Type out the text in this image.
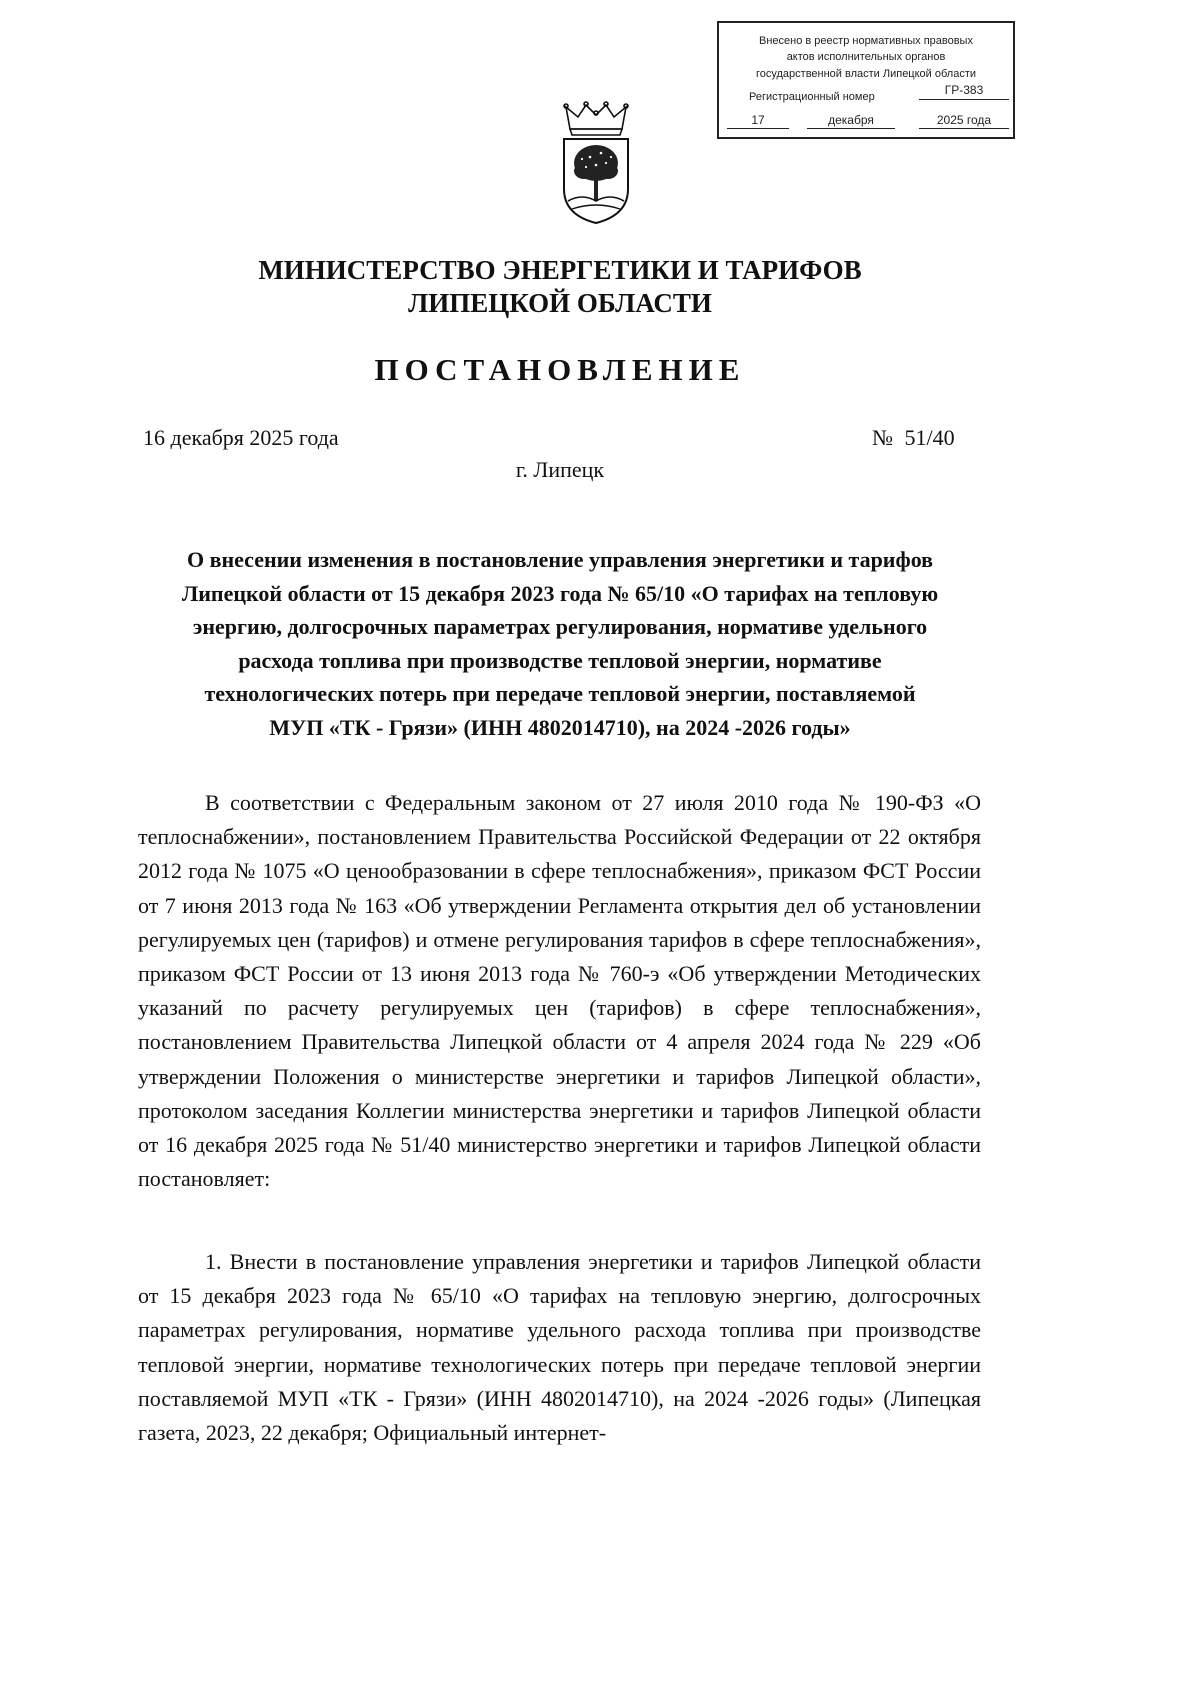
Внесено в реестр нормативных правовых
актов исполнительных органов
государственной власти Липецкой области
Регистрационный номер	ГР-383
17	декабря	2025 года
МИНИСТЕРСТВО ЭНЕРГЕТИКИ И ТАРИФОВ
ЛИПЕЦКОЙ ОБЛАСТИ
ПОСТАНОВЛЕНИЕ
16 декабря 2025 года	№ 51/40
г. Липецк
О внесении изменения в постановление управления энергетики и тарифов
Липецкой области от 15 декабря 2023 года № 65/10 «О тарифах на тепловую
энергию, долгосрочных параметрах регулирования, нормативе удельного
расхода топлива при производстве тепловой энергии, нормативе
технологических потерь при передаче тепловой энергии, поставляемой
МУП «ТК - Грязи» (ИНН 4802014710), на 2024 -2026 годы»
В соответствии с Федеральным законом от 27 июля 2010 года № 190-ФЗ «О теплоснабжении», постановлением Правительства Российской Федерации от 22 октября 2012 года № 1075 «О ценообразовании в сфере теплоснабжения», приказом ФСТ России от 7 июня 2013 года № 163 «Об утверждении Регламента открытия дел об установлении регулируемых цен (тарифов) и отмене регулирования тарифов в сфере теплоснабжения», приказом ФСТ России от 13 июня 2013 года № 760-э «Об утверждении Методических указаний по расчету регулируемых цен (тарифов) в сфере теплоснабжения», постановлением Правительства Липецкой области от 4 апреля 2024 года № 229 «Об утверждении Положения о министерстве энергетики и тарифов Липецкой области», протоколом заседания Коллегии министерства энергетики и тарифов Липецкой области от 16 декабря 2025 года № 51/40 министерство энергетики и тарифов Липецкой области постановляет:
1. Внести в постановление управления энергетики и тарифов Липецкой области от 15 декабря 2023 года № 65/10 «О тарифах на тепловую энергию, долгосрочных параметрах регулирования, нормативе удельного расхода топлива при производстве тепловой энергии, нормативе технологических потерь при передаче тепловой энергии поставляемой МУП «ТК - Грязи» (ИНН 4802014710), на 2024 -2026 годы» (Липецкая газета, 2023, 22 декабря; Официальный интернет-
